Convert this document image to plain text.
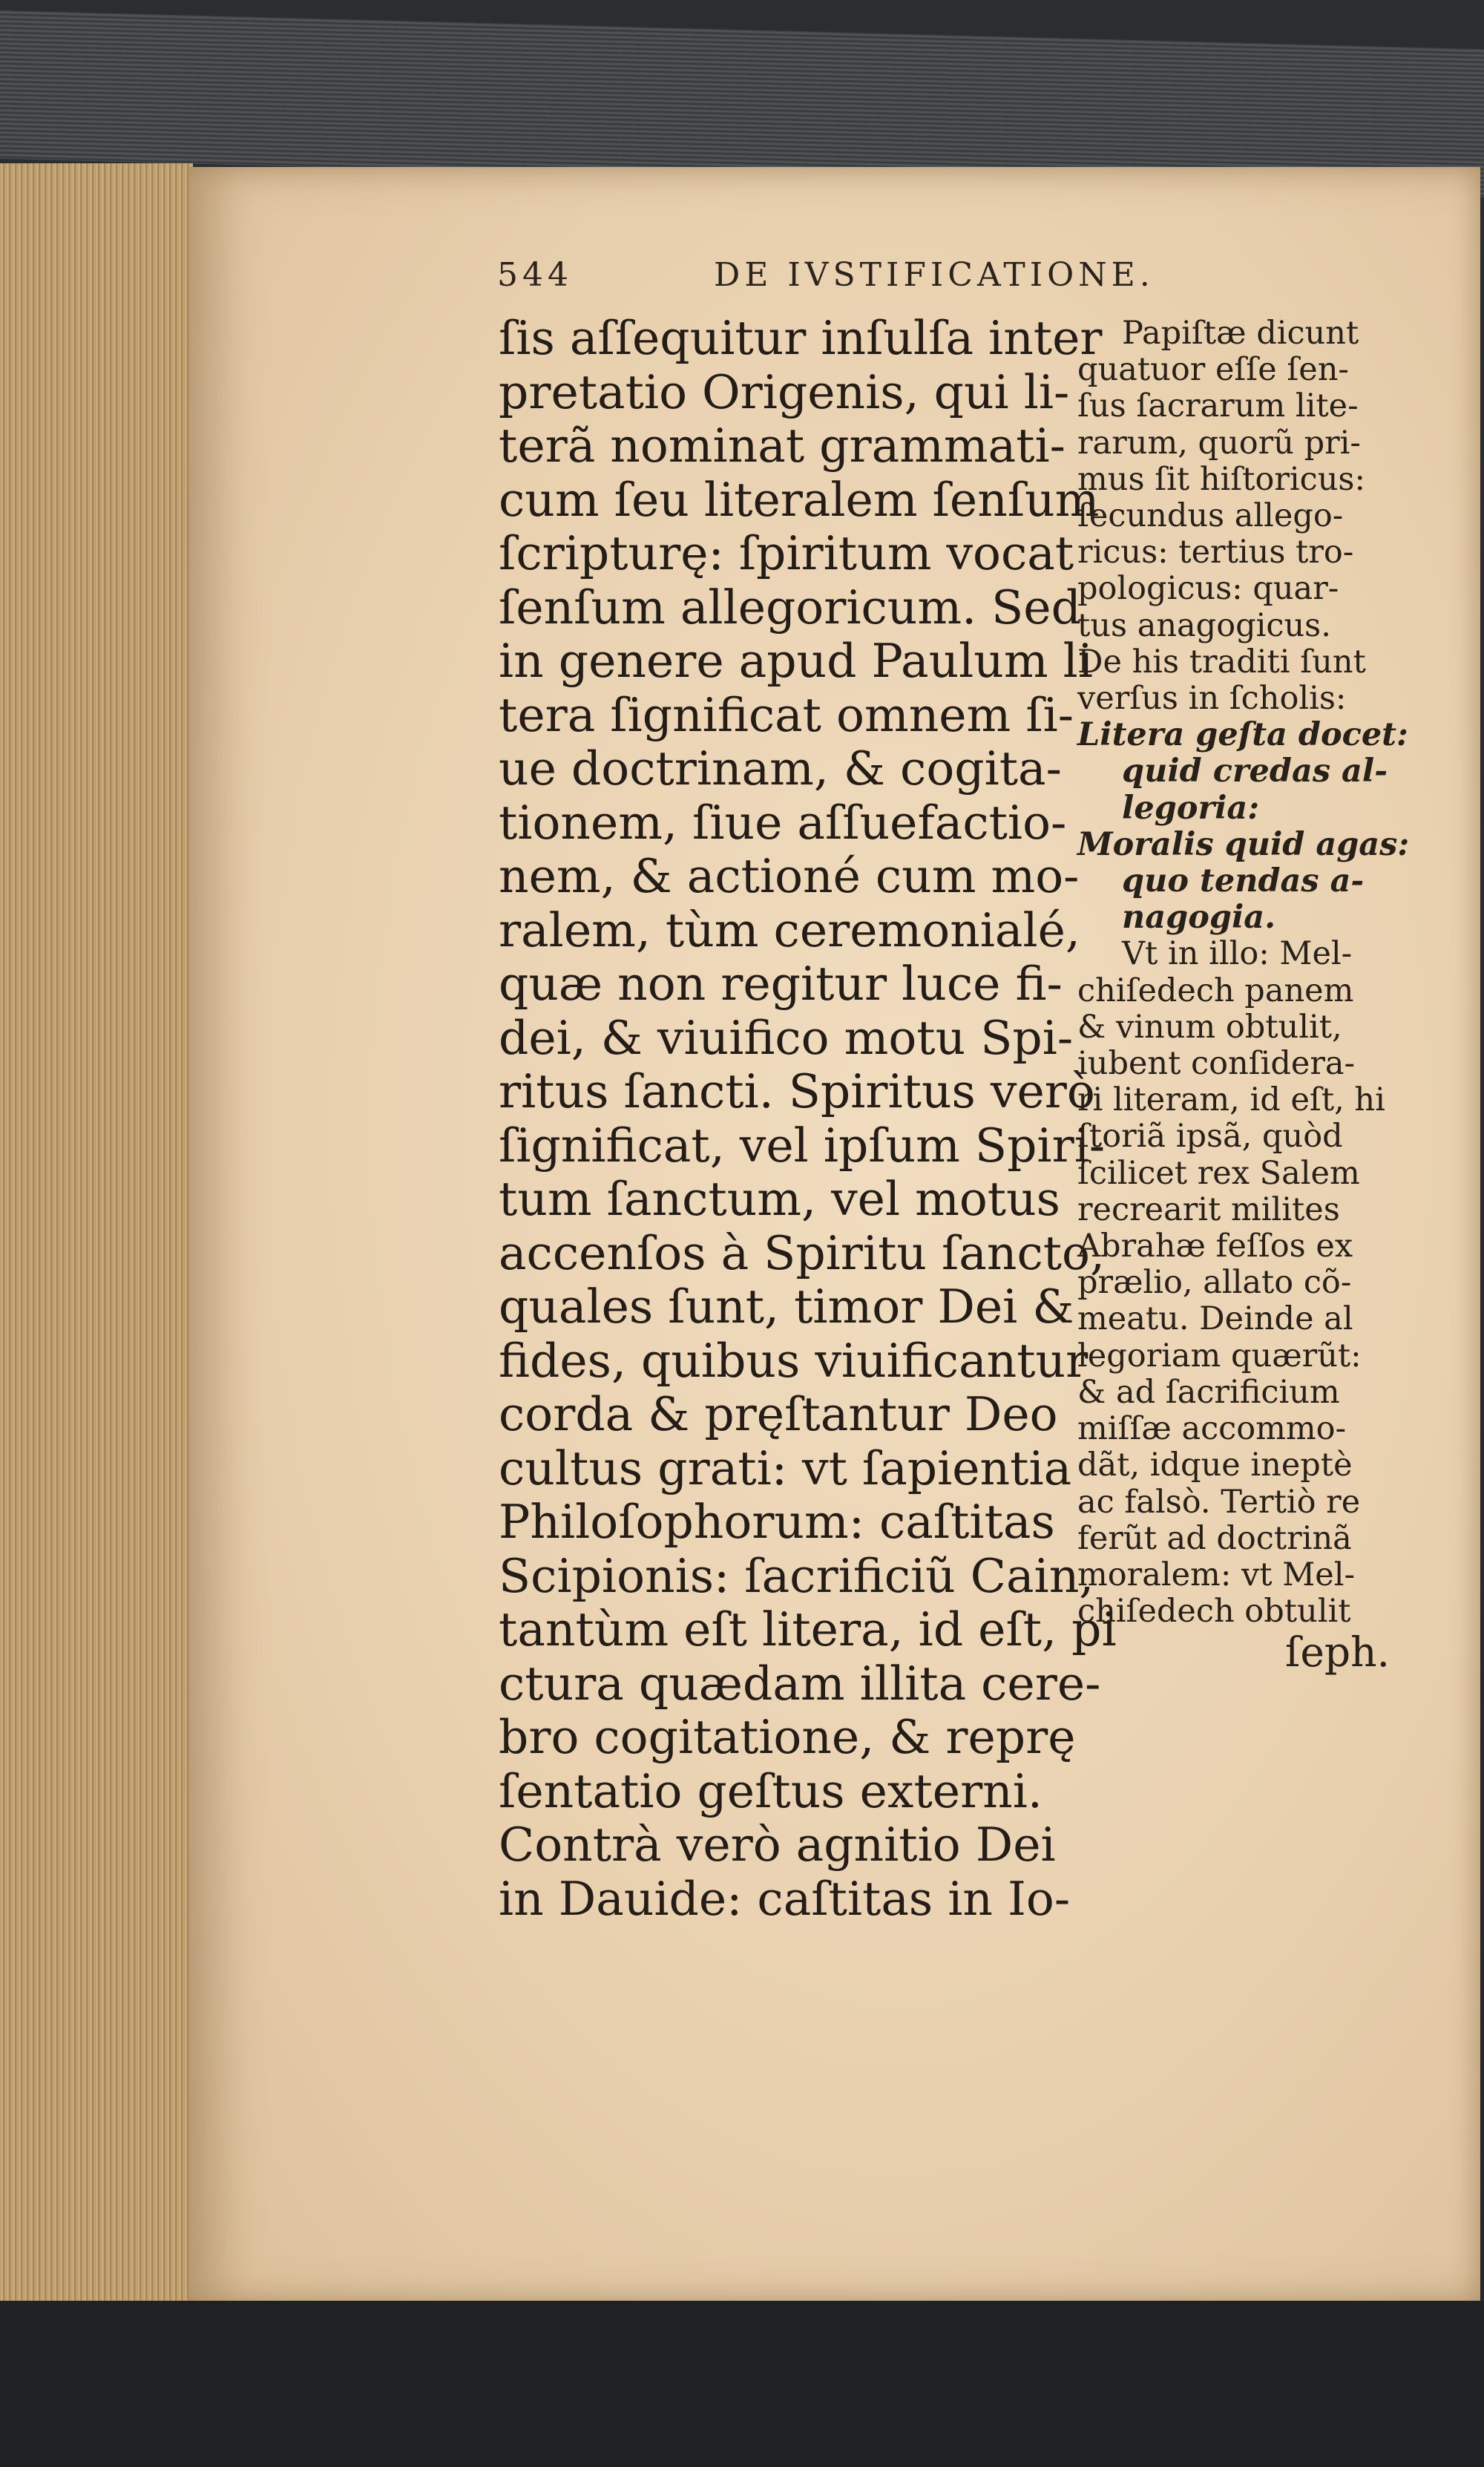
544	DE IVSTIFICATIONE.
ſis aſſequitur inſulſa inter
pretatio Origenis, qui li-
terã nominat grammati-
cum ſeu literalem ſenſum
ſcripturę: ſpiritum vocat
ſenſum allegoricum. Sed
in genere apud Paulum li
tera ſignificat omnem ſi-
ue doctrinam, & cogita-
tionem, ſiue aſſuefactio-
nem, & actioné cum mo-
ralem, tùm ceremonialé,
quæ non regitur luce fi-
dei, & viuifico motu Spi-
ritus ſancti. Spiritus verò
ſignificat, vel ipſum Spiri-
tum ſanctum, vel motus
accenſos à Spiritu ſancto,
quales ſunt, timor Dei &
fides, quibus viuificantur
corda & pręſtantur Deo
cultus grati: vt ſapientia
Philoſophorum: caſtitas
Scipionis: ſacrificiũ Cain,
tantùm eſt litera, id eſt, pi
ctura quædam illita cere-
bro cogitatione, & reprę
ſentatio geſtus externi.
Contrà verò agnitio Dei
in Dauide: caſtitas in Io-
Papiſtæ dicunt
quatuor eſſe ſen-
ſus ſacrarum lite-
rarum, quorũ pri-
mus ſit hiſtoricus:
ſecundus allego-
ricus: tertius tro-
pologicus: quar-
tus anagogicus.
De his traditi ſunt
verſus in ſcholis:
Litera geſta docet:
quid credas al-
legoria:
Moralis quid agas:
quo tendas a-
nagogia.
Vt in illo: Mel-
chiſedech panem
& vinum obtulit,
iubent conſidera-
ri literam, id eſt, hi
ſtoriã ipsã, quòd
ſcilicet rex Salem
recrearit milites
Abrahæ feſſos ex
prælio, allato cõ-
meatu. Deinde al
legoriam quærũt:
& ad ſacrificium
miſſæ accommo-
dãt, idque ineptè
ac falsò. Tertiò re
ferũt ad doctrinã
moralem: vt Mel-
chiſedech obtulit
ſeph.
